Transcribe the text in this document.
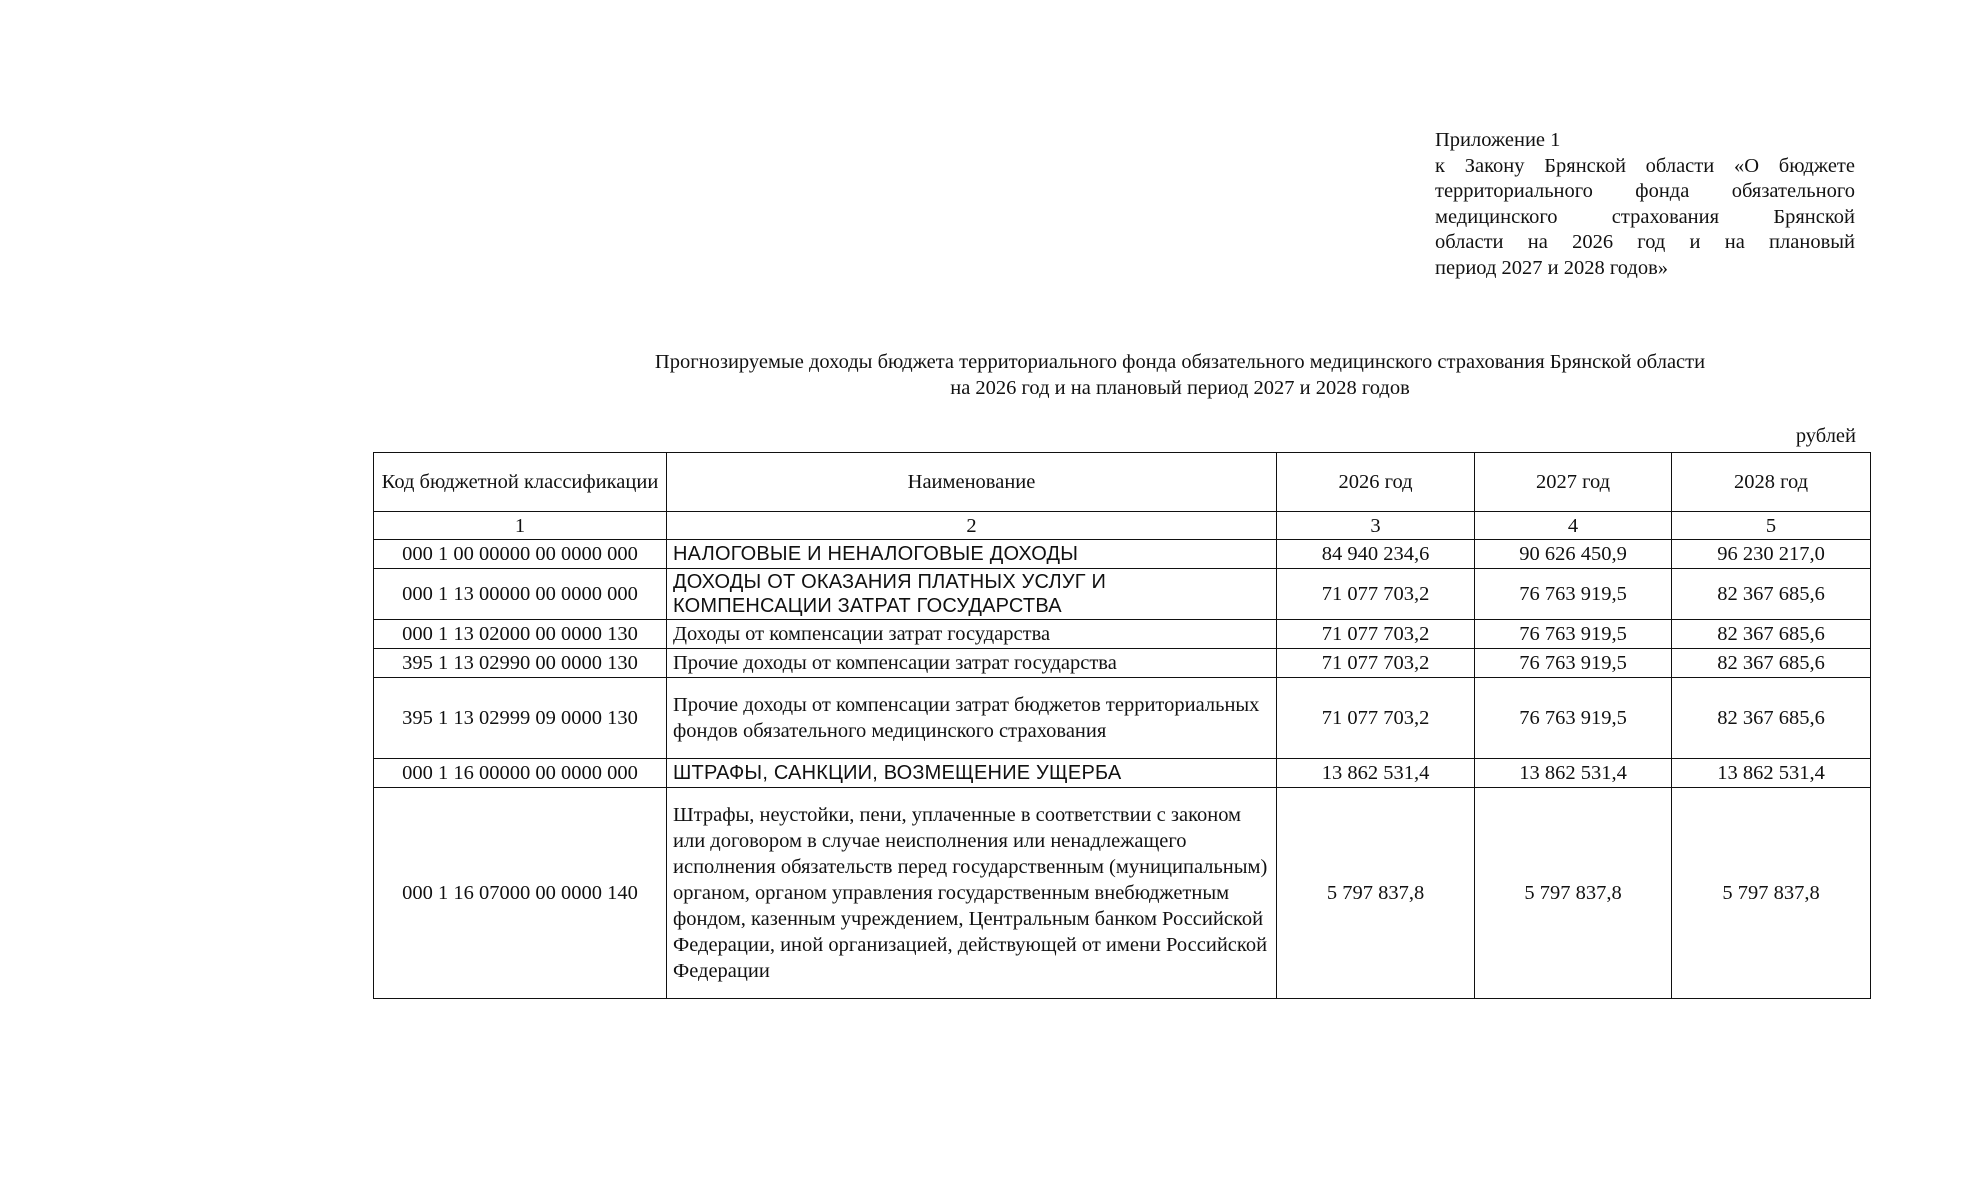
Приложение 1
к Закону Брянской области «О бюджете
территориального фонда обязательного
медицинского страхования Брянской
области на 2026 год и на плановый
период 2027 и 2028 годов»
Прогнозируемые доходы бюджета территориального фонда обязательного медицинского страхования Брянской области
на 2026 год и на плановый период 2027 и 2028 годов
рублей
Код бюджетной классификации	Наименование	2026 год	2027 год	2028 год
1	2	3	4	5
000 1 00 00000 00 0000 000	НАЛОГОВЫЕ И НЕНАЛОГОВЫЕ ДОХОДЫ	84 940 234,6	90 626 450,9	96 230 217,0
000 1 13 00000 00 0000 000	ДОХОДЫ ОТ ОКАЗАНИЯ ПЛАТНЫХ УСЛУГ И КОМПЕНСАЦИИ ЗАТРАТ ГОСУДАРСТВА	71 077 703,2	76 763 919,5	82 367 685,6
000 1 13 02000 00 0000 130	Доходы от компенсации затрат государства	71 077 703,2	76 763 919,5	82 367 685,6
395 1 13 02990 00 0000 130	Прочие доходы от компенсации затрат государства	71 077 703,2	76 763 919,5	82 367 685,6
395 1 13 02999 09 0000 130	Прочие доходы от компенсации затрат бюджетов территориальных фондов обязательного медицинского страхования	71 077 703,2	76 763 919,5	82 367 685,6
000 1 16 00000 00 0000 000	ШТРАФЫ, САНКЦИИ, ВОЗМЕЩЕНИЕ УЩЕРБА	13 862 531,4	13 862 531,4	13 862 531,4
000 1 16 07000 00 0000 140	Штрафы, неустойки, пени, уплаченные в соответствии с законом или договором в случае неисполнения или ненадлежащего исполнения обязательств перед государственным (муниципальным) органом, органом управления государственным внебюджетным фондом, казенным учреждением, Центральным банком Российской Федерации, иной организацией, действующей от имени Российской Федерации	5 797 837,8	5 797 837,8	5 797 837,8
